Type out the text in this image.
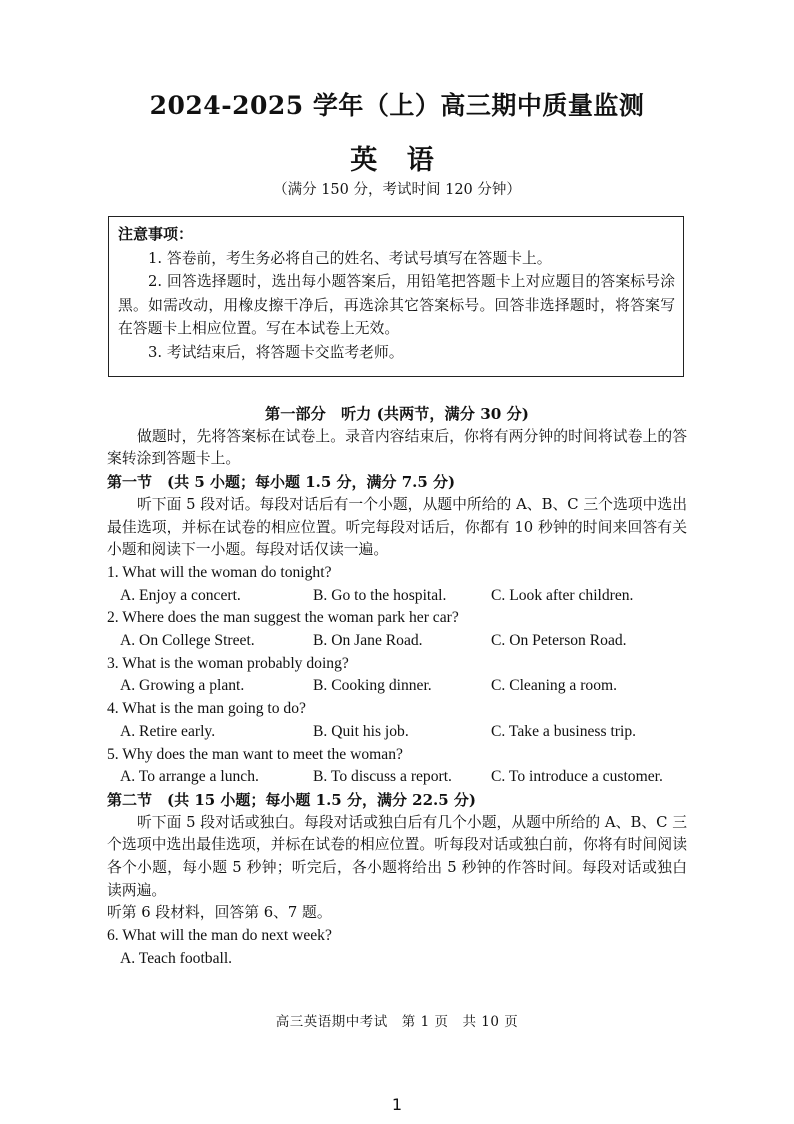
2024-2025 学年（上）高三期中质量监测
英 语
（满分 150 分，考试时间 120 分钟）
注意事项：
1. 答卷前，考生务必将自己的姓名、考试号填写在答题卡上。
2. 回答选择题时，选出每小题答案后，用铅笔把答题卡上对应题目的答案标号涂黑。如需改动，用橡皮擦干净后，再选涂其它答案标号。回答非选择题时，将答案写在答题卡上相应位置。写在本试卷上无效。
3. 考试结束后，将答题卡交监考老师。
第一部分　听力 (共两节，满分 30 分)
做题时，先将答案标在试卷上。录音内容结束后，你将有两分钟的时间将试卷上的答案转涂到答题卡上。
第一节　(共 5 小题；每小题 1.5 分，满分 7.5 分)
听下面 5 段对话。每段对话后有一个小题，从题中所给的 A、B、C 三个选项中选出最佳选项，并标在试卷的相应位置。听完每段对话后，你都有 10 秒钟的时间来回答有关小题和阅读下一小题。每段对话仅读一遍。
1. What will the woman do tonight?
A. Enjoy a concert.	B. Go to the hospital.	C. Look after children.
2. Where does the man suggest the woman park her car?
A. On College Street.	B. On Jane Road.	C. On Peterson Road.
3. What is the woman probably doing?
A. Growing a plant.	B. Cooking dinner.	C. Cleaning a room.
4. What is the man going to do?
A. Retire early.	B. Quit his job.	C. Take a business trip.
5. Why does the man want to meet the woman?
A. To arrange a lunch.	B. To discuss a report.	C. To introduce a customer.
第二节　(共 15 小题；每小题 1.5 分，满分 22.5 分)
听下面 5 段对话或独白。每段对话或独白后有几个小题，从题中所给的 A、B、C 三个选项中选出最佳选项，并标在试卷的相应位置。听每段对话或独白前，你将有时间阅读各个小题，每小题 5 秒钟；听完后，各小题将给出 5 秒钟的作答时间。每段对话或独白读两遍。
听第 6 段材料，回答第 6、7 题。
6. What will the man do next week?
A. Teach football.
高三英语期中考试　第 1 页　共 10 页
1
